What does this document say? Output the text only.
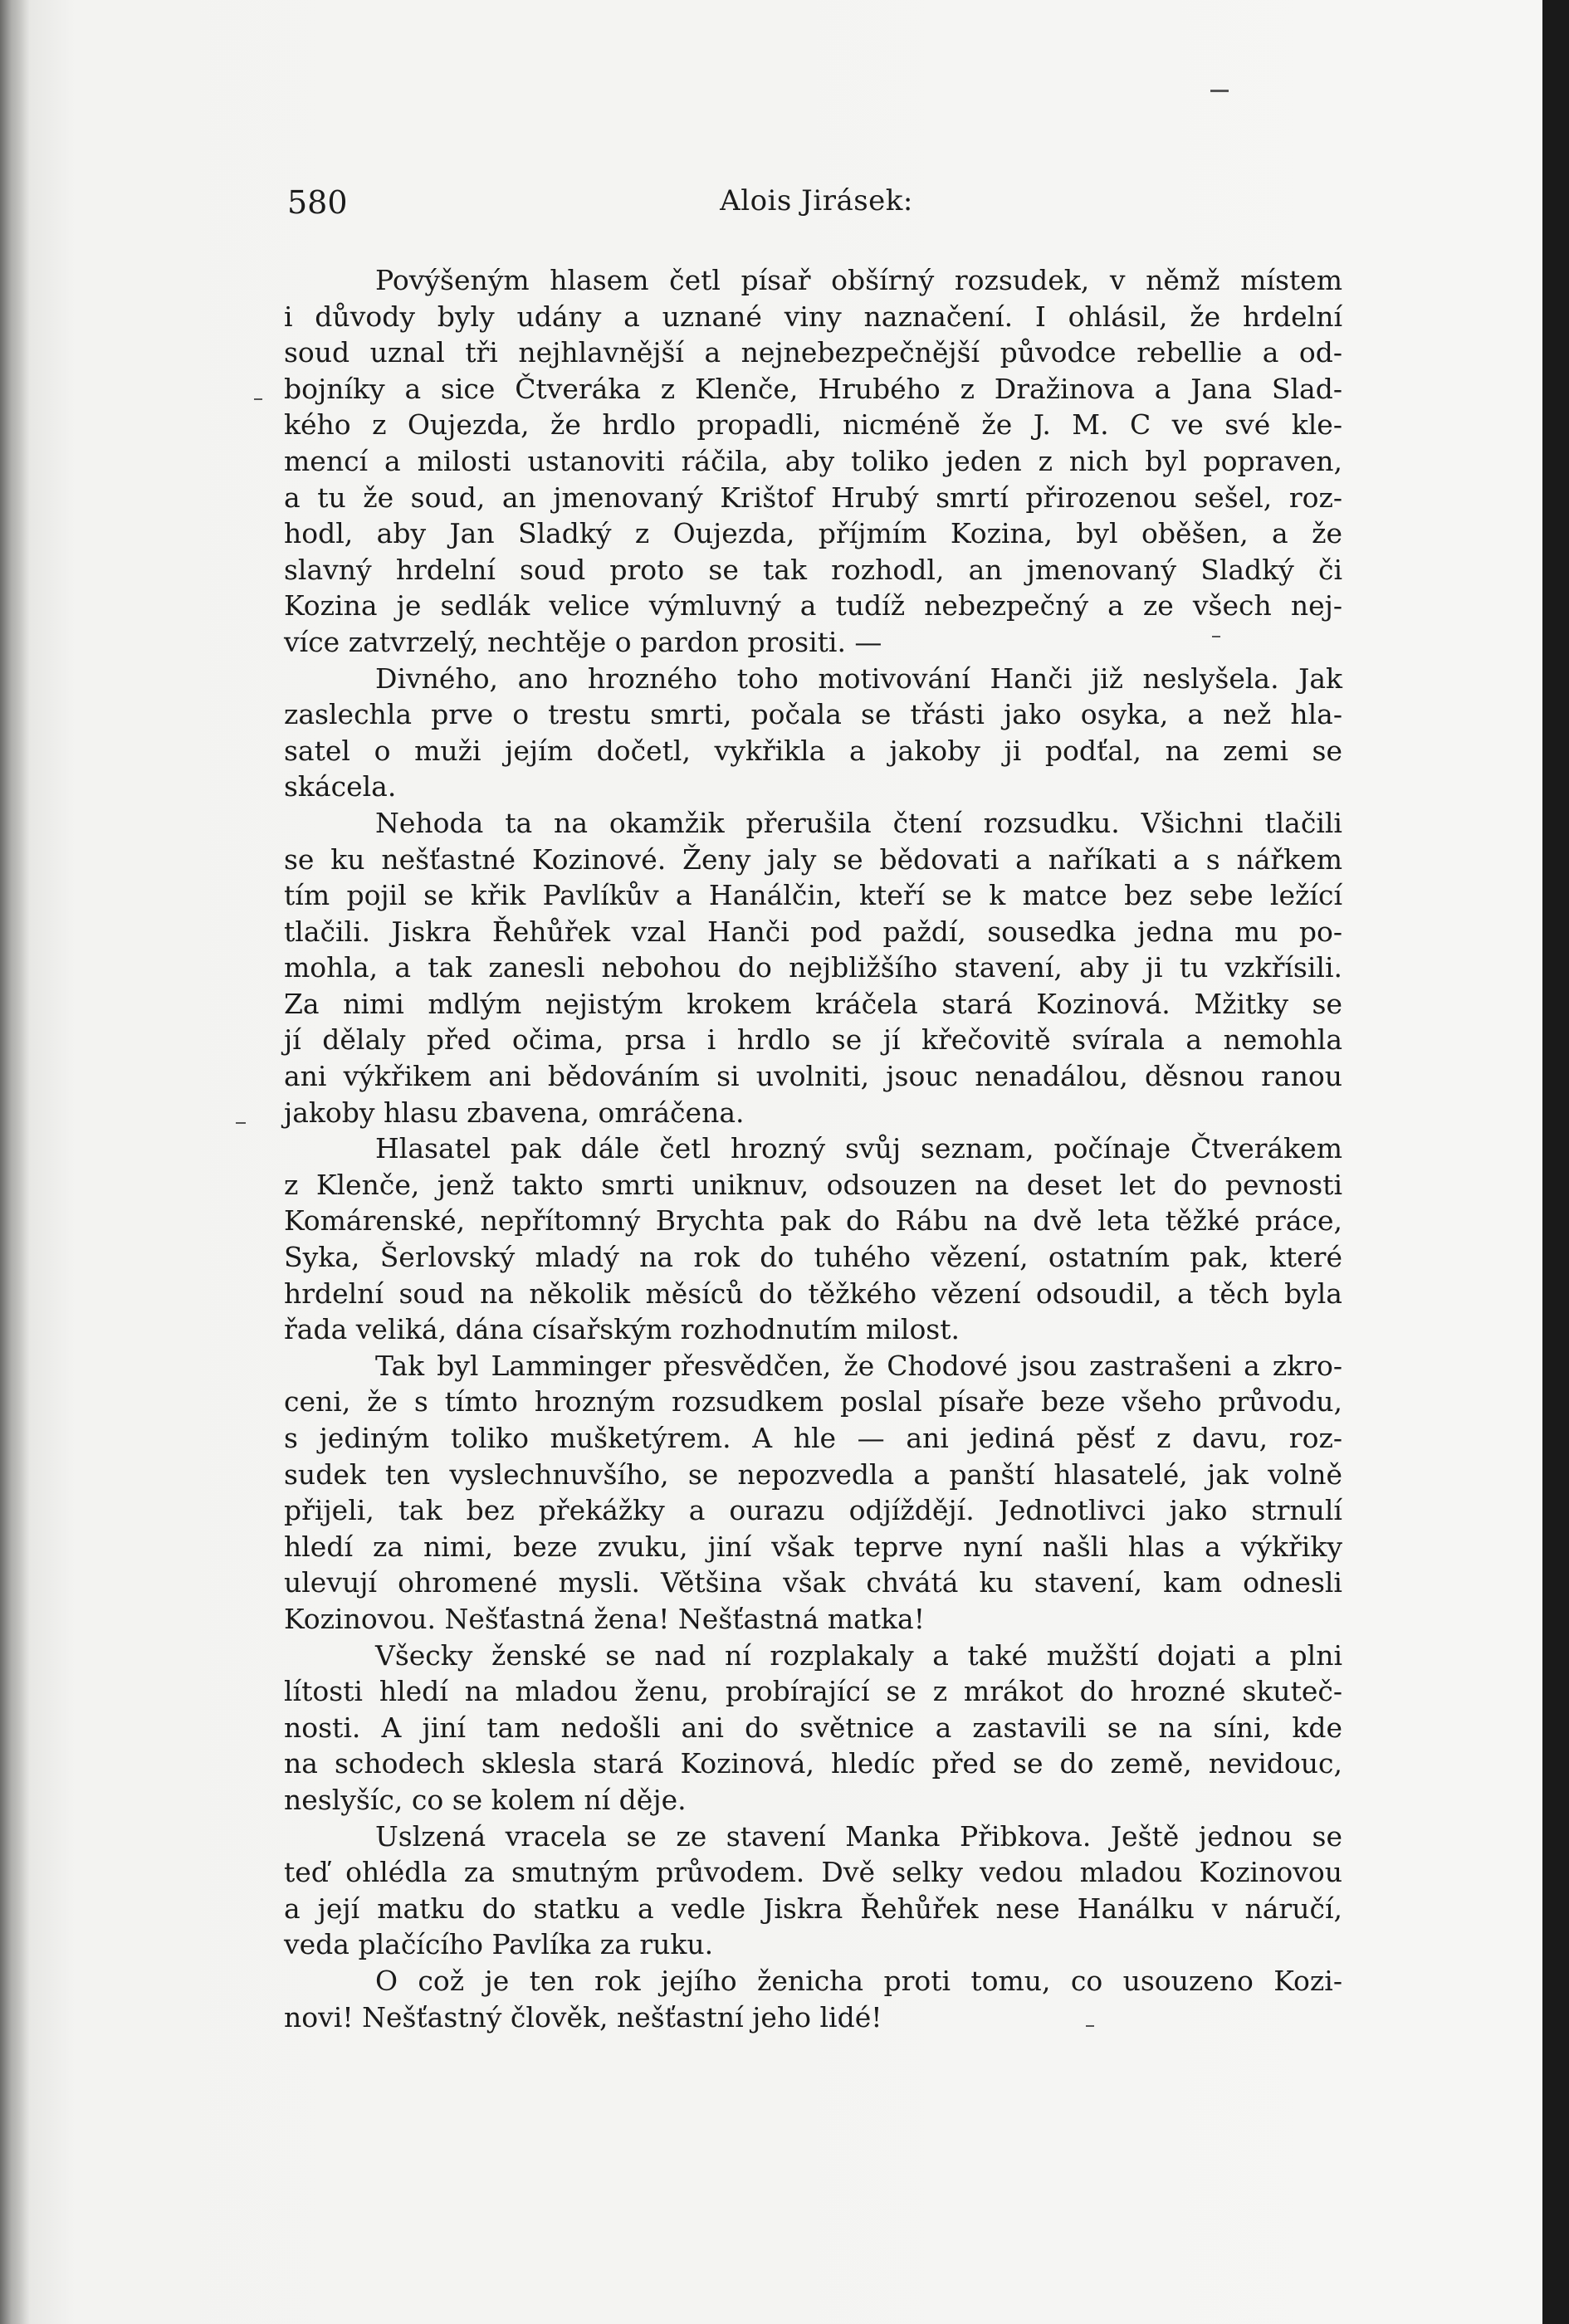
580	Alois Jirásek:
Povýšeným hlasem četl písař obšírný rozsudek, v němž místem
i důvody byly udány a uznané viny naznačení. I ohlásil, že hrdelní
soud uznal tři nejhlavnější a nejnebezpečnější původce rebellie a od-
bojníky a sice Čtveráka z Klenče, Hrubého z Dražinova a Jana Slad-
kého z Oujezda, že hrdlo propadli, nicméně že J. M. C ve své kle-
mencí a milosti ustanoviti ráčila, aby toliko jeden z nich byl popraven,
a tu že soud, an jmenovaný Krištof Hrubý smrtí přirozenou sešel, roz-
hodl, aby Jan Sladký z Oujezda, příjmím Kozina, byl oběšen, a že
slavný hrdelní soud proto se tak rozhodl, an jmenovaný Sladký či
Kozina je sedlák velice výmluvný a tudíž nebezpečný a ze všech nej-
více zatvrzelý, nechtěje o pardon prositi. —
Divného, ano hrozného toho motivování Hanči již neslyšela. Jak
zaslechla prve o trestu smrti, počala se třásti jako osyka, a než hla-
satel o muži jejím dočetl, vykřikla a jakoby ji podťal, na zemi se
skácela.
Nehoda ta na okamžik přerušila čtení rozsudku. Všichni tlačili
se ku nešťastné Kozinové. Ženy jaly se bědovati a naříkati a s nářkem
tím pojil se křik Pavlíkův a Hanálčin, kteří se k matce bez sebe ležící
tlačili. Jiskra Řehůřek vzal Hanči pod paždí, sousedka jedna mu po-
mohla, a tak zanesli nebohou do nejbližšího stavení, aby ji tu vzkřísili.
Za nimi mdlým nejistým krokem kráčela stará Kozinová. Mžitky se
jí dělaly před očima, prsa i hrdlo se jí křečovitě svírala a nemohla
ani výkřikem ani bědováním si uvolniti, jsouc nenadálou, děsnou ranou
jakoby hlasu zbavena, omráčena.
Hlasatel pak dále četl hrozný svůj seznam, počínaje Čtverákem
z Klenče, jenž takto smrti uniknuv, odsouzen na deset let do pevnosti
Komárenské, nepřítomný Brychta pak do Rábu na dvě leta těžké práce,
Syka, Šerlovský mladý na rok do tuhého vězení, ostatním pak, které
hrdelní soud na několik měsíců do těžkého vězení odsoudil, a těch byla
řada veliká, dána císařským rozhodnutím milost.
Tak byl Lamminger přesvědčen, že Chodové jsou zastrašeni a zkro-
ceni, že s tímto hrozným rozsudkem poslal písaře beze všeho průvodu,
s jediným toliko mušketýrem. A hle — ani jediná pěsť z davu, roz-
sudek ten vyslechnuvšího, se nepozvedla a panští hlasatelé, jak volně
přijeli, tak bez překážky a ourazu odjíždějí. Jednotlivci jako strnulí
hledí za nimi, beze zvuku, jiní však teprve nyní našli hlas a výkřiky
ulevují ohromené mysli. Většina však chvátá ku stavení, kam odnesli
Kozinovou. Nešťastná žena! Nešťastná matka!
Všecky ženské se nad ní rozplakaly a také mužští dojati a plni
lítosti hledí na mladou ženu, probírající se z mrákot do hrozné skuteč-
nosti. A jiní tam nedošli ani do světnice a zastavili se na síni, kde
na schodech sklesla stará Kozinová, hledíc před se do země, nevidouc,
neslyšíc, co se kolem ní děje.
Uslzená vracela se ze stavení Manka Přibkova. Ještě jednou se
teď ohlédla za smutným průvodem. Dvě selky vedou mladou Kozinovou
a její matku do statku a vedle Jiskra Řehůřek nese Hanálku v náručí,
veda plačícího Pavlíka za ruku.
O což je ten rok jejího ženicha proti tomu, co usouzeno Kozi-
novi! Nešťastný člověk, nešťastní jeho lidé!
